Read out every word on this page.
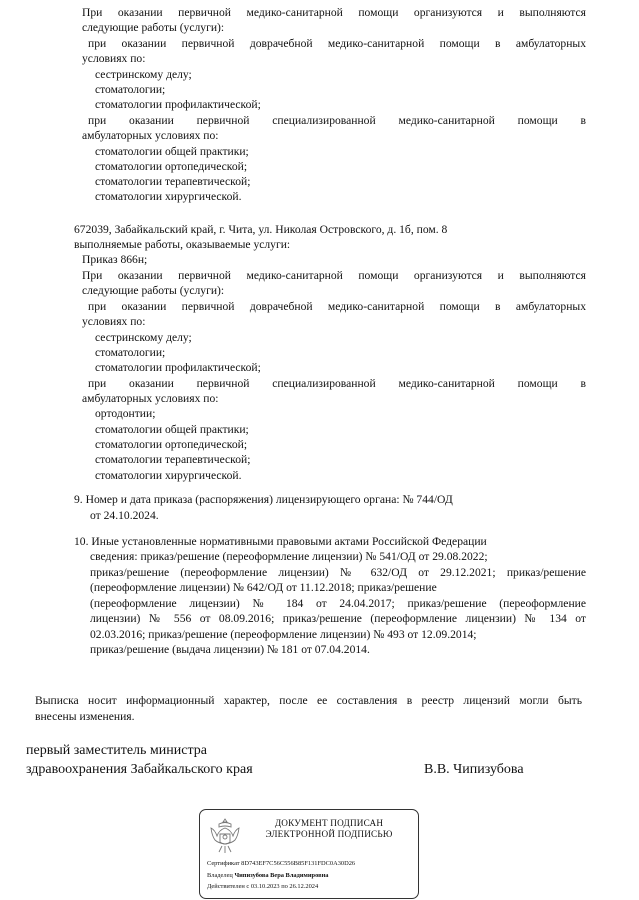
При оказании первичной медико-санитарной помощи организуются и выполняются
следующие работы (услуги):
при оказании первичной доврачебной медико-санитарной помощи в амбулаторных
условиях по:
сестринскому делу;
стоматологии;
стоматологии профилактической;
при оказании первичной специализированной медико-санитарной помощи в
амбулаторных условиях по:
стоматологии общей практики;
стоматологии ортопедической;
стоматологии терапевтической;
стоматологии хирургической.
672039, Забайкальский край, г. Чита, ул. Николая Островского, д. 1б, пом. 8
выполняемые работы, оказываемые услуги:
Приказ 866н;
При оказании первичной медико-санитарной помощи организуются и выполняются
следующие работы (услуги):
при оказании первичной доврачебной медико-санитарной помощи в амбулаторных
условиях по:
сестринскому делу;
стоматологии;
стоматологии профилактической;
при оказании первичной специализированной медико-санитарной помощи в
амбулаторных условиях по:
ортодонтии;
стоматологии общей практики;
стоматологии ортопедической;
стоматологии терапевтической;
стоматологии хирургической.
9. Номер и дата приказа (распоряжения) лицензирующего органа: № 744/ОД
от 24.10.2024.
10. Иные установленные нормативными правовыми актами Российской Федерации
сведения: приказ/решение (переоформление лицензии) № 541/ОД от 29.08.2022;
приказ/решение (переоформление лицензии) № 632/ОД от 29.12.2021; приказ/решение
(переоформление лицензии) № 642/ОД от 11.12.2018; приказ/решение
(переоформление лицензии) № 184 от 24.04.2017; приказ/решение (переоформление
лицензии) № 556 от 08.09.2016; приказ/решение (переоформление лицензии) № 134 от
02.03.2016; приказ/решение (переоформление лицензии) № 493 от 12.09.2014;
приказ/решение (выдача лицензии) № 181 от 07.04.2014.
Выписка носит информационный характер, после ее составления в реестр лицензий могли быть
внесены изменения.
первый заместитель министра
здравоохранения Забайкальского края	В.В. Чипизубова
ДОКУМЕНТ ПОДПИСАН
ЭЛЕКТРОННОЙ ПОДПИСЬЮ
Сертификат 8D743EF7C56C556B85F131FDC0A30D26
Владелец Чипизубова Вера Владимировна
Действителен с 03.10.2023 по 26.12.2024
